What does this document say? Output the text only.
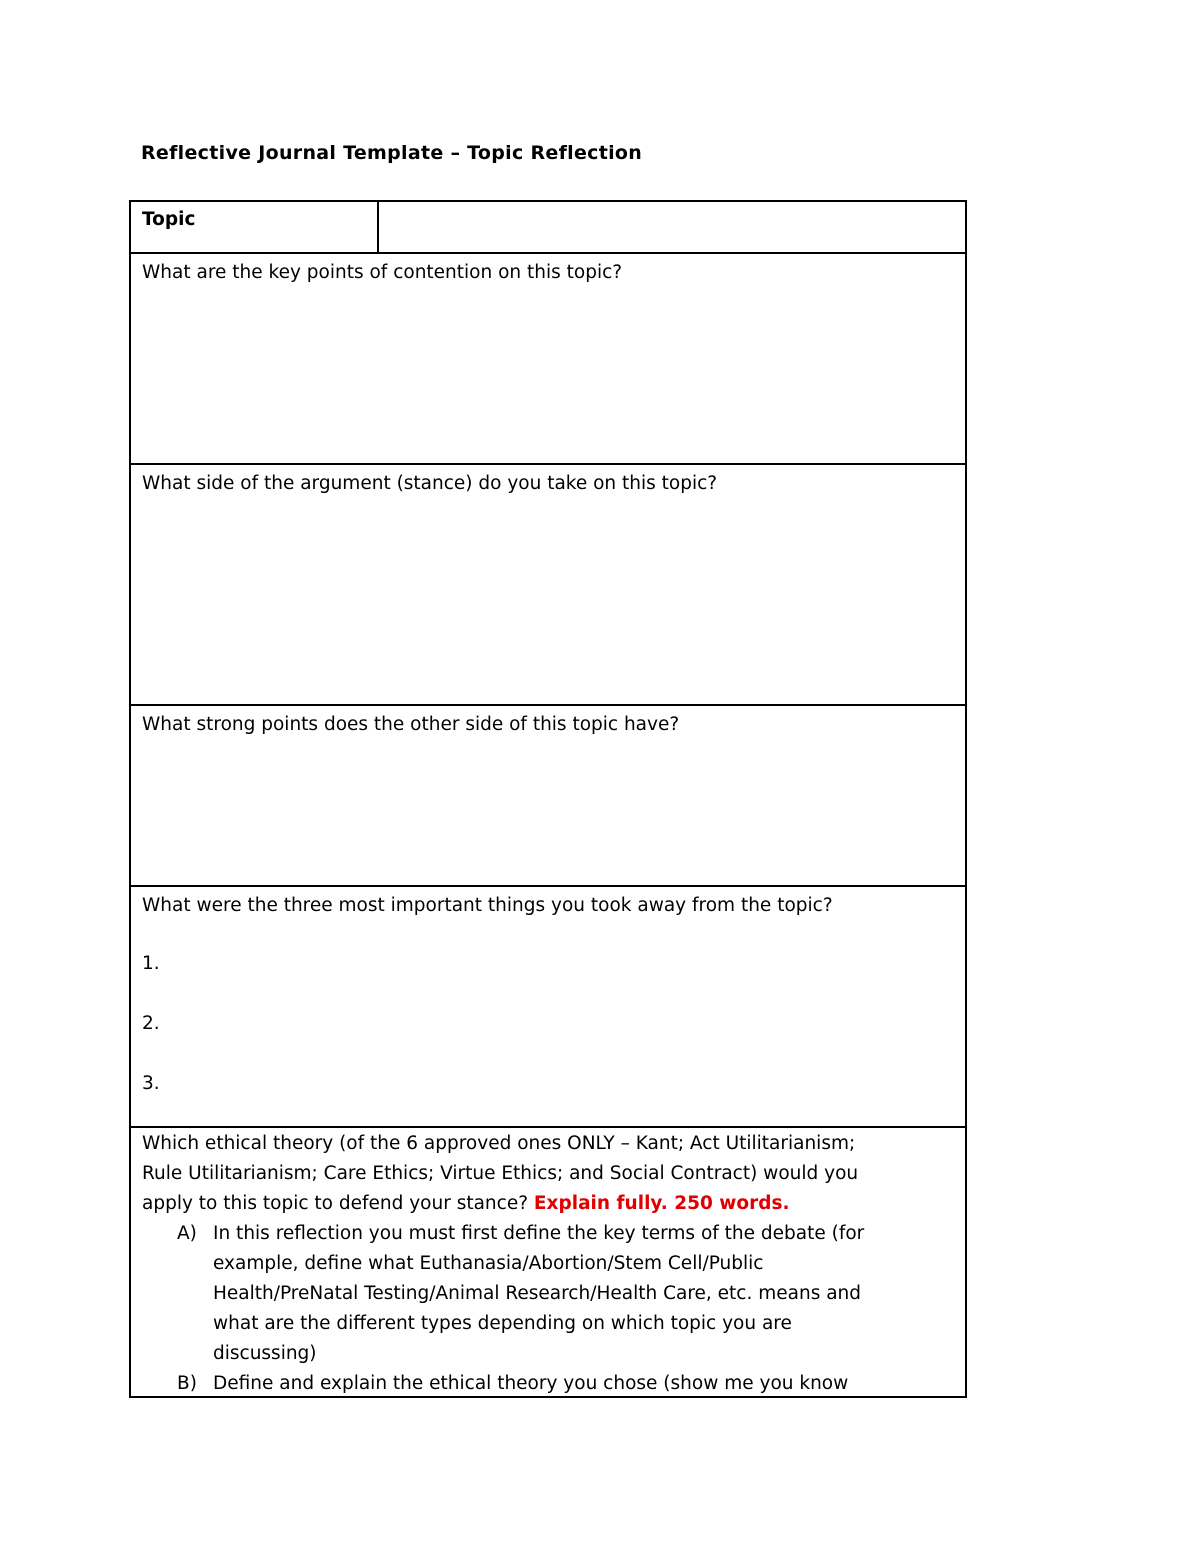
Reflective Journal Template – Topic Reflection
Topic
What are the key points of contention on this topic?
What side of the argument (stance) do you take on this topic?
What strong points does the other side of this topic have?
What were the three most important things you took away from the topic?
1.
2.
3.
Which ethical theory (of the 6 approved ones ONLY – Kant; Act Utilitarianism;
Rule Utilitarianism; Care Ethics; Virtue Ethics; and Social Contract) would you
apply to this topic to defend your stance? Explain fully. 250 words.
A) In this reflection you must first define the key terms of the debate (for
example, define what Euthanasia/Abortion/Stem Cell/Public
Health/PreNatal Testing/Animal Research/Health Care, etc. means and
what are the different types depending on which topic you are
discussing)
B) Define and explain the ethical theory you chose (show me you know
